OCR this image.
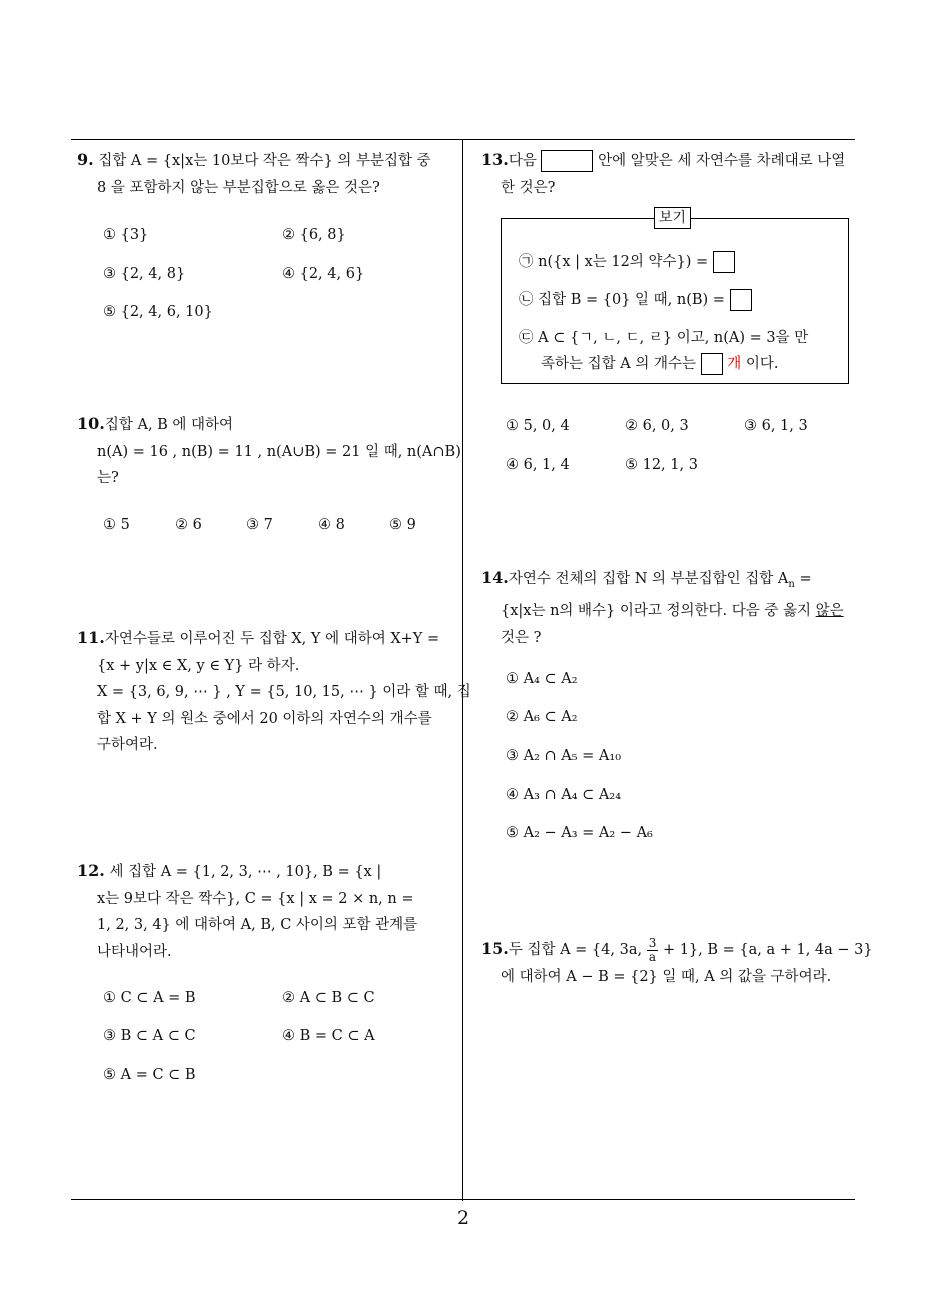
9. 집합 A = {x|x는 10보다 작은 짝수} 의 부분집합 중
8 을 포함하지 않는 부분집합으로 옳은 것은?
① {3}	② {6, 8}
③ {2, 4, 8}	④ {2, 4, 6}
⑤ {2, 4, 6, 10}
10.집합 A, B 에 대하여
n(A) = 16 , n(B) = 11 , n(A∪B) = 21 일 때, n(A∩B)
는?
① 5	② 6	③ 7	④ 8	⑤ 9
11.자연수들로 이루어진 두 집합 X, Y 에 대하여 X+Y =
{x + y|x ∈ X, y ∈ Y} 라 하자.
X = {3, 6, 9, ⋯ } , Y = {5, 10, 15, ⋯ } 이라 할 때, 집
합 X + Y 의 원소 중에서 20 이하의 자연수의 개수를
구하여라.
12. 세 집합 A = {1, 2, 3, ⋯ , 10}, B = {x |
x는 9보다 작은 짝수}, C = {x | x = 2 × n, n =
1, 2, 3, 4} 에 대하여 A, B, C 사이의 포함 관계를
나타내어라.
① C ⊂ A = B	② A ⊂ B ⊂ C
③ B ⊂ A ⊂ C	④ B = C ⊂ A
⑤ A = C ⊂ B
13.다음	안에 알맞은 세 자연수를 차례대로 나열
한 것은?
보기
㉠ n({x | x는 12의 약수}) =
㉡ 집합 B = {0} 일 때, n(B) =
㉢ A ⊂ {ㄱ, ㄴ, ㄷ, ㄹ} 이고, n(A) = 3을 만
족하는 집합 A 의 개수는 개 이다.
① 5, 0, 4	② 6, 0, 3	③ 6, 1, 3
④ 6, 1, 4	⑤ 12, 1, 3
14.자연수 전체의 집합 N 의 부분집합인 집합 $A_n$ =
{x|x는 n의 배수} 이라고 정의한다. 다음 중 옳지 않은
것은 ?
① A₄ ⊂ A₂
② A₆ ⊂ A₂
③ A₂ ∩ A₅ = A₁₀
④ A₃ ∩ A₄ ⊂ A₂₄
⑤ A₂ − A₃ = A₂ − A₆
15.두 집합 A = {4, 3a, $\frac{3}{a} + 1$}, B = {a, a + 1, 4a − 3}
에 대하여 A − B = {2} 일 때, A 의 값을 구하여라.
2
